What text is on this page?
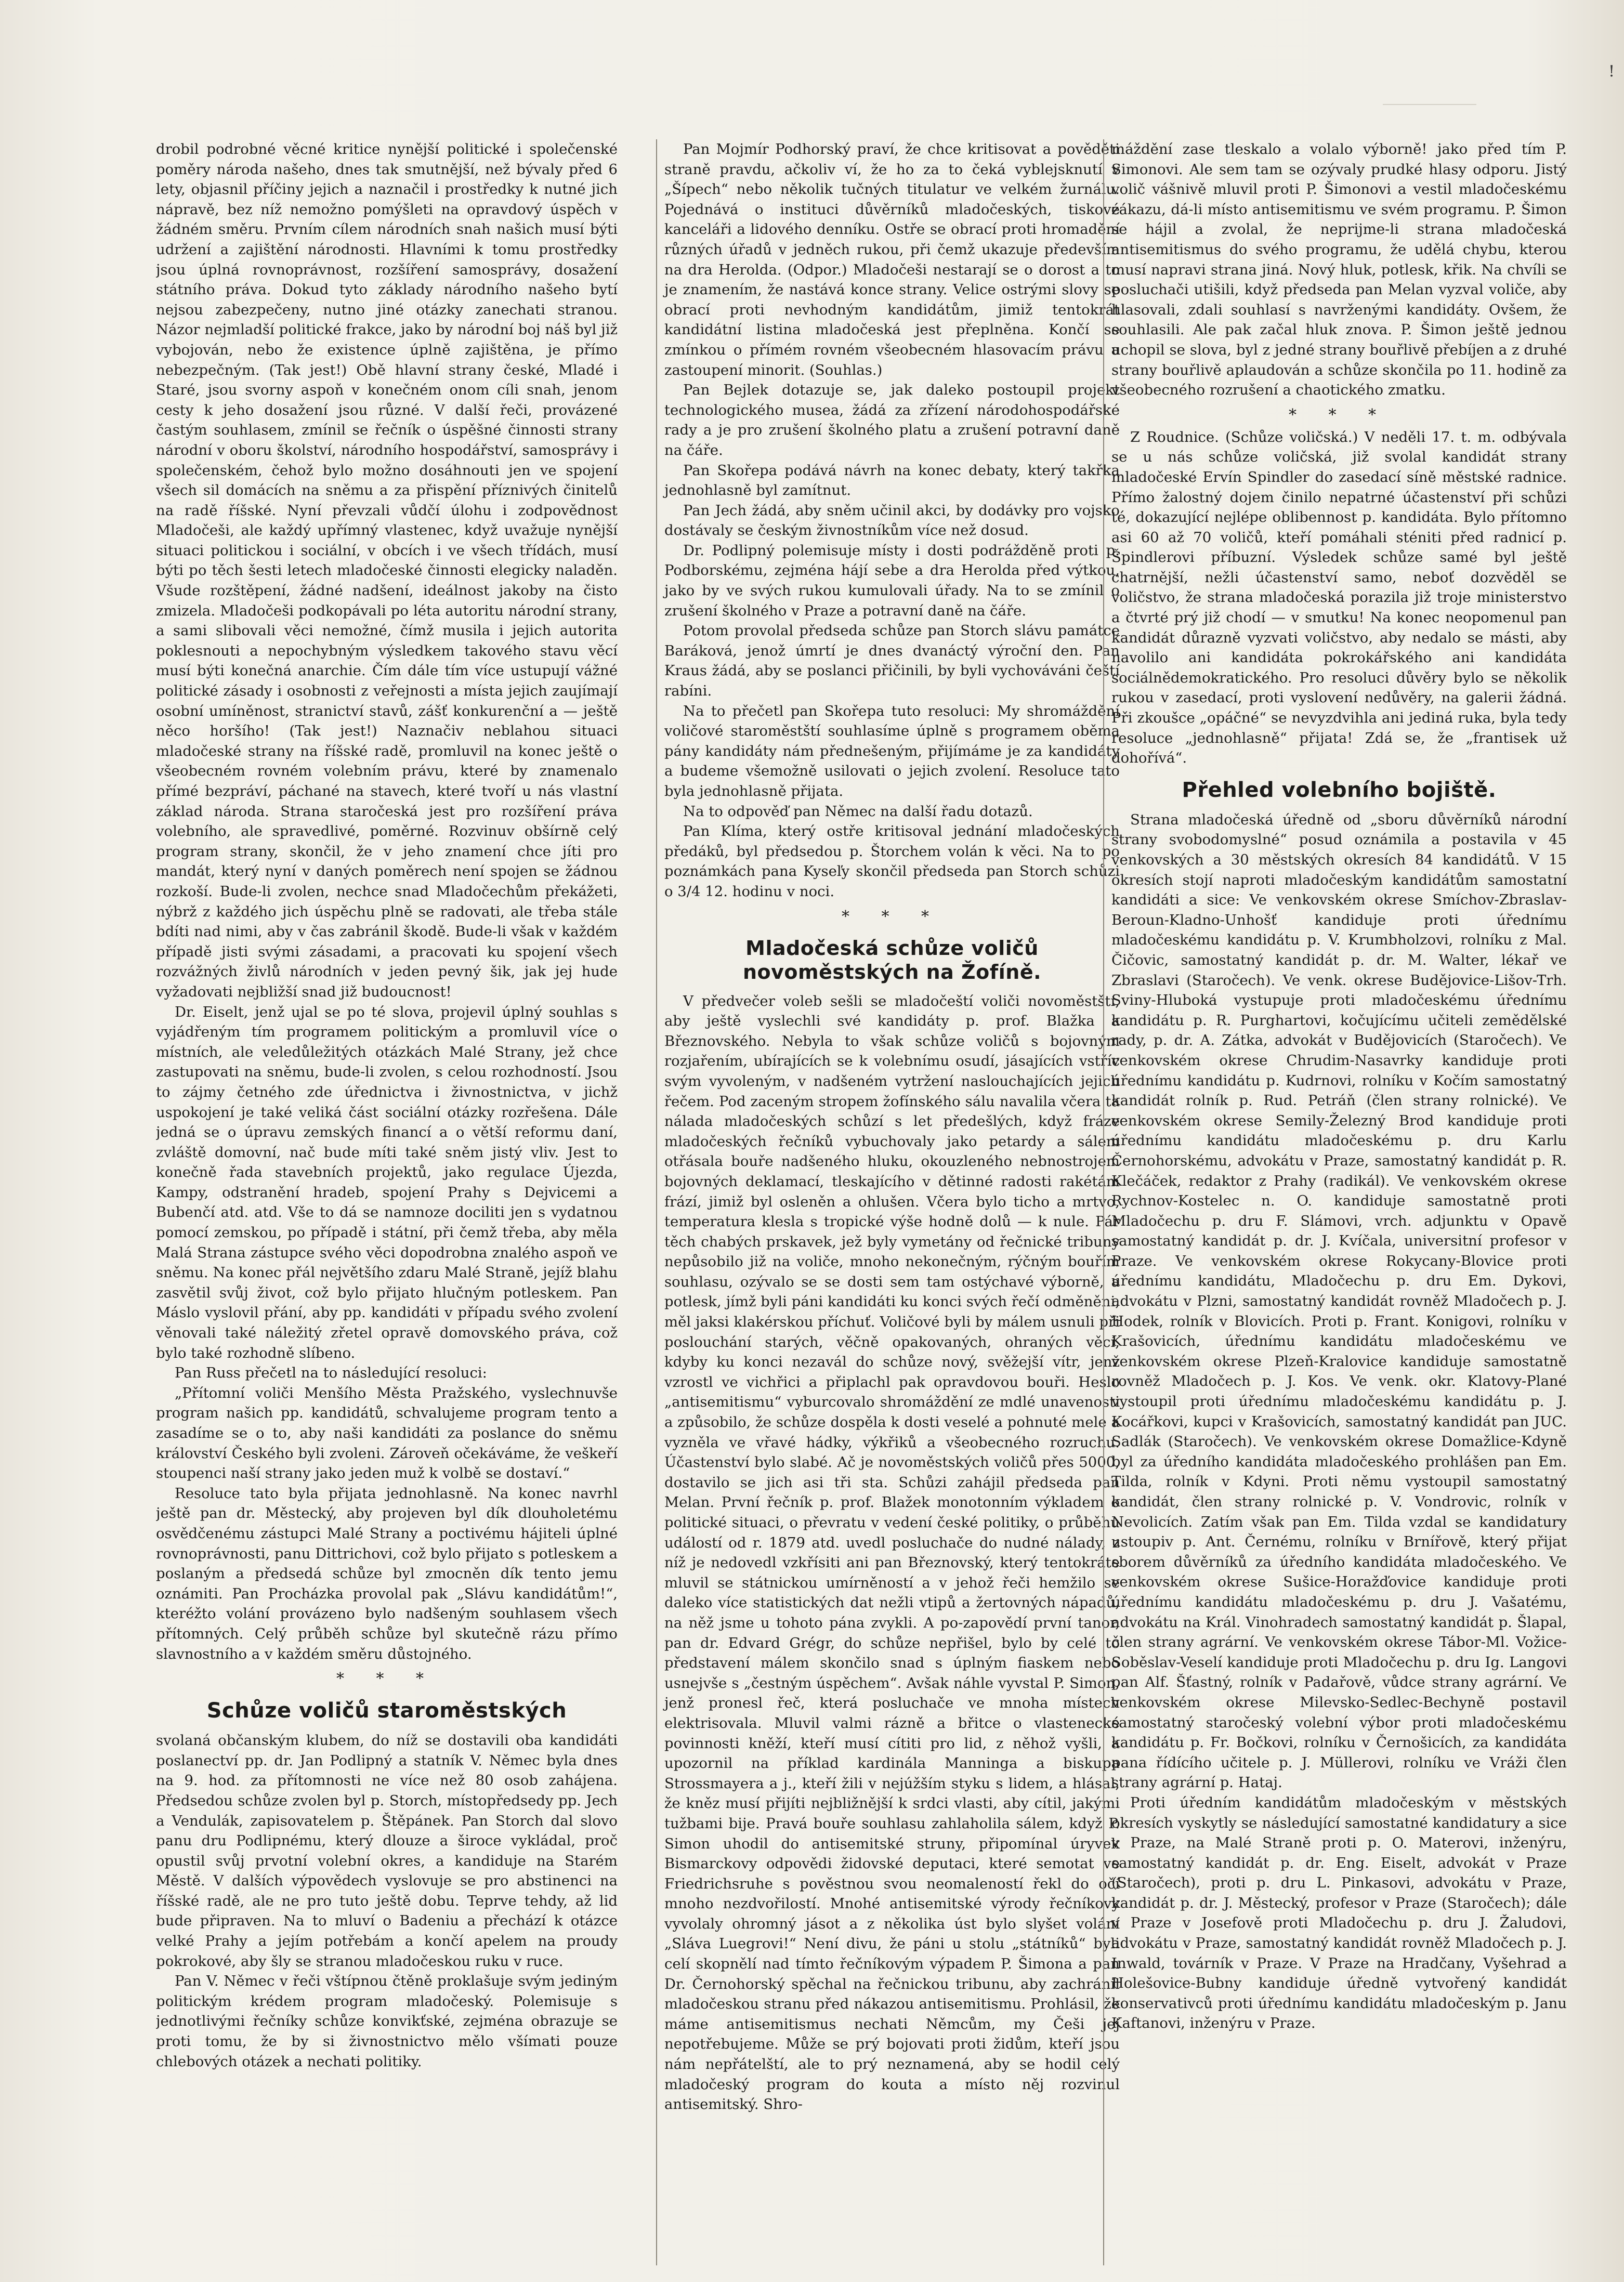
!

drobil podrobné věcné kritice nynější politické i společenské poměry národa našeho, dnes tak smutnější, než bývaly před 6 lety, objasnil příčiny jejich a naznačil i prostředky k nutné jich nápravě, bez níž nemožno pomýšleti na opravdový úspěch v žádném směru. Prvním cílem národních snah našich musí býti udržení a zajištění národnosti. Hlavními k tomu prostředky jsou úplná rovnoprávnost, rozšíření samosprávy, dosažení státního práva. Dokud tyto základy národního našeho bytí nejsou zabezpečeny, nutno jiné otázky zanechati stranou. Názor nejmladší politické frakce, jako by národní boj náš byl již vybojován, nebo že existence úplně zajištěna, je přímo nebezpečným. (Tak jest!) Obě hlavní strany české, Mladé i Staré, jsou svorny aspoň v konečném onom cíli snah, jenom cesty k jeho dosažení jsou různé. V další řeči, provázené častým souhlasem, zmínil se řečník o úspěšné činnosti strany národní v oboru školství, národního hospodářství, samosprávy i společenském, čehož bylo možno dosáhnouti jen ve spojení všech sil domácích na sněmu a za přispění příznivých činitelů na radě říšské. Nyní převzali vůdčí úlohu i zodpovědnost Mladočeši, ale každý upřímný vlastenec, když uvažuje nynější situaci politickou i sociální, v obcích i ve všech třídách, musí býti po těch šesti letech mladočeské činnosti elegicky naladěn. Všude rozštěpení, žádné nadšení, ideálnost jakoby na čisto zmizela. Mladočeši podkopávali po léta autoritu národní strany, a sami slibovali věci nemožné, čímž musila i jejich autorita poklesnouti a nepochybným výsledkem takového stavu věcí musí býti konečná anarchie. Čím dále tím více ustupují vážné politické zásady i osobnosti z veřejnosti a místa jejich zaujímají osobní umíněnost, stranictví stavů, zášť konkurenční a — ještě něco horšího! (Tak jest!) Naznačiv neblahou situaci mladočeské strany na říšské radě, promluvil na konec ještě o všeobecném rovném volebním právu, které by znamenalo přímé bezpráví, páchané na stavech, které tvoří u nás vlastní základ národa. Strana staročeská jest pro rozšíření práva volebního, ale spravedlivé, poměrné. Rozvinuv obšírně celý program strany, skončil, že v jeho znamení chce jíti pro mandát, který nyní v daných poměrech není spojen se žádnou rozkoší. Bude-li zvolen, nechce snad Mladočechům překážeti, nýbrž z každého jich úspěchu plně se radovati, ale třeba stále bdíti nad nimi, aby v čas zabránil škodě. Bude-li však v každém případě jisti svými zásadami, a pracovati ku spojení všech rozvážných živlů národních v jeden pevný šik, jak jej hude vyžadovati nejbližší snad již budoucnost!

Dr. Eiselt, jenž ujal se po té slova, projevil úplný souhlas s vyjádřeným tím programem politickým a promluvil více o místních, ale veledůležitých otázkách Malé Strany, jež chce zastupovati na sněmu, bude-li zvolen, s celou rozhodností. Jsou to zájmy četného zde úřednictva i živnostnictva, v jichž uspokojení je také veliká část sociální otázky rozřešena. Dále jedná se o úpravu zemských financí a o větší reformu daní, zvláště domovní, nač bude míti také sněm jistý vliv. Jest to konečně řada stavebních projektů, jako regulace Újezda, Kampy, odstranění hradeb, spojení Prahy s Dejvicemi a Bubenčí atd. atd. Vše to dá se namnoze dociliti jen s vydatnou pomocí zemskou, po případě i státní, při čemž třeba, aby měla Malá Strana zástupce svého věci dopodrobna znalého aspoň ve sněmu. Na konec přál největšího zdaru Malé Straně, jejíž blahu zasvětil svůj život, což bylo přijato hlučným potleskem. Pan Máslo vyslovil přání, aby pp. kandidáti v případu svého zvolení věnovali také náležitý zřetel opravě domovského práva, což bylo také rozhodně slíbeno.

Pan Russ přečetl na to následující resoluci:

„Přítomní voliči Menšího Města Pražského, vyslechnuvše program našich pp. kandidátů, schvalujeme program tento a zasadíme se o to, aby naši kandidáti za poslance do sněmu království Českého byli zvoleni. Zároveň očekáváme, že veškeří stoupenci naší strany jako jeden muž k volbě se dostaví.“

Resoluce tato byla přijata jednohlasně. Na konec navrhl ještě pan dr. Městecký, aby projeven byl dík dlouholetému osvědčenému zástupci Malé Strany a poctivému hájiteli úplné rovnoprávnosti, panu Dittrichovi, což bylo přijato s potleskem a poslaným a předsedá schůze byl zmocněn dík tento jemu oznámiti. Pan Procházka provolal pak „Slávu kandidátům!“, kteréžto volání provázeno bylo nadšeným souhlasem všech přítomných. Celý průběh schůze byl skutečně rázu přímo slavnostního a v každém směru důstojného.

* * *
Schůze voličů staroměstských

svolaná občanským klubem, do níž se dostavili oba kandidáti poslanectví pp. dr. Jan Podlipný a statník V. Němec byla dnes na 9. hod. za přítomnosti ne více než 80 osob zahájena. Předsedou schůze zvolen byl p. Storch, místopředsedy pp. Jech a Vendulák, zapisovatelem p. Štěpánek. Pan Storch dal slovo panu dru Podlipnému, který dlouze a široce vykládal, proč opustil svůj prvotní volební okres, a kandiduje na Starém Městě. V dalších výpovědech vyslovuje se pro abstinenci na říšské radě, ale ne pro tuto ještě dobu. Teprve tehdy, až lid bude připraven. Na to mluví o Badeniu a přechází k otázce velké Prahy a jejím potřebám a končí apelem na proudy pokrokové, aby šly se stranou mladočeskou ruku v ruce.

Pan V. Němec v řeči vštípnou čtěně proklašuje svým jediným politickým krédem program mladočeský. Polemisuje s jednotlivými řečníky schůze konvikťské, zejména obrazuje se proti tomu, že by si živnostnictvo mělo všímati pouze chlebových otázek a nechati politiky.

Pan Mojmír Podhorský praví, že chce kritisovat a pověděti straně pravdu, ačkoliv ví, že ho za to čeká vyblejsknutí v „Šípech“ nebo několik tučných titulatur ve velkém žurnálu. Pojednává o instituci důvěrníků mladočeských, tiskové kanceláři a lidového denníku. Ostře se obrací proti hromadění různých úřadů v jedněch rukou, při čemž ukazuje především na dra Herolda. (Odpor.) Mladočeši nestarají se o dorost a to je znamením, že nastává konce strany. Velice ostrými slovy se obrací proti nevhodným kandidátům, jimiž tentokrát kandidátní listina mladočeská jest přeplněna. Končí se zmínkou o přímém rovném všeobecném hlasovacím právu a zastoupení minorit. (Souhlas.)

Pan Bejlek dotazuje se, jak daleko postoupil projekt technologického musea, žádá za zřízení národohospodářské rady a je pro zrušení školného platu a zrušení potravní daně na čáře.

Pan Skořepa podává návrh na konec debaty, který takřka jednohlasně byl zamítnut.

Pan Jech žádá, aby sněm učinil akci, by dodávky pro vojsko dostávaly se českým živnostníkům více než dosud.

Dr. Podlipný polemisuje místy i dosti podrážděně proti p. Podborskému, zejména hájí sebe a dra Herolda před výtkou, jako by ve svých rukou kumulovali úřady. Na to se zmínil o zrušení školného v Praze a potravní daně na čáře.

Potom provolal předseda schůze pan Storch slávu památce Baráková, jenož úmrtí je dnes dvanáctý výroční den. Pan Kraus žádá, aby se poslanci přičinili, by byli vychováváni čeští rabíni.

Na to přečetl pan Skořepa tuto resoluci: My shromáždění voličové staroměstští souhlasíme úplně s programem oběma pány kandidáty nám přednešeným, přijímáme je za kandidáty a budeme všemožně usilovati o jejich zvolení. Resoluce tato byla jednohlasně přijata.

Na to odpověď pan Němec na další řadu dotazů.

Pan Klíma, který ostře kritisoval jednání mladočeských předáků, byl předsedou p. Štorchem volán k věci. Na to po poznámkách pana Kyseľy skončil předseda pan Storch schůzi o 3/4 12. hodinu v noci.

* * *
Mladočeská schůze voličů novoměstských na Žofíně.

V předvečer voleb sešli se mladočeští voliči novoměstští, aby ještě vyslechli své kandidáty p. prof. Blažka a Březnovského. Nebyla to však schůze voličů s bojovným rozjařením, ubírajících se k volebnímu osudí, jásajících vstříc svým vyvoleným, v nadšeném vytržení naslouchajících jejich řečem. Pod zaceným stropem žofínského sálu navalila včera ta nálada mladočeských schůzí s let předešlých, když fráze mladočeských řečníků vybuchovaly jako petardy a sálem otřásala bouře nadšeného hluku, okouzleného nebnostrojem bojovných deklamací, tleskajícího v dětinné radosti rakétám frází, jimiž byl osleněn a ohlušen. Včera bylo ticho a mrtvo, temperatura klesla s tropické výše hodně dolů — k nule. Pár těch chabých prskavek, jež byly vymetány od řečnické tribuny nepůsobilo již na voliče, mnoho nekonečným, rýčným bouřím souhlasu, ozývalo se se dosti sem tam ostýchavé výborně, a potlesk, jímž byli páni kandidáti ku konci svých řečí odměněni, měl jaksi klakérskou příchuť. Voličové byli by málem usnuli při poslouchání starých, věčně opakovaných, ohraných věcí, kdyby ku konci nezavál do schůze nový, svěžejší vítr, jenž vzrostl ve vichřici a připlachl pak opravdovou bouři. Heslo „antisemitismu“ vyburcovalo shromáždění ze mdlé unavenosti a způsobilo, že schůze dospěla k dosti veselé a pohnuté mele a vyzněla ve vřavé hádky, výkřiků a všeobecného rozruchu. Účastenství bylo slabé. Ač je novoměstských voličů přes 5000, dostavilo se jich asi tři sta. Schůzi zahájil předseda pan Melan. První řečník p. prof. Blažek monotonním výkladem o politické situaci, o převratu v vedení české politiky, o průběhu událostí od r. 1879 atd. uvedl posluchače do nudné nálady, z níž je nedovedl vzkřísiti ani pan Březnovský, který tentokráte mluvil se státnickou umírněností a v jehož řeči hemžilo se daleko více statistických dat nežli vtipů a žertovných nápadů, na něž jsme u tohoto pána zvykli. A po-zapovědí první tanor, pan dr. Edvard Grégr, do schůze nepřišel, bylo by celé to představení málem skončilo snad s úplným fiaskem nebo usnejvše s „čestným úspěchem“. Avšak náhle vyvstal P. Simon, jenž pronesl řeč, která posluchače ve mnoha místech elektrisovala. Mluvil valmi rázně a břitce o vlastenecké povinnosti kněží, kteří musí cítiti pro lid, z něhož vyšli, a upozornil na příklad kardinála Manninga a biskupa Strossmayera a j., kteří žili v nejúžším styku s lidem, a hlásal, že kněz musí přijíti nejbližnější k srdci vlasti, aby cítil, jakými tužbami bije. Pravá bouře souhlasu zahlaholila sálem, když P. Simon uhodil do antisemitské struny, připomínal úryvek Bismarckovy odpovědi židovské deputaci, které semotat ve Friedrichsruhe s pověstnou svou neomaleností řekl do očí mnoho nezdvořilostí. Mnohé antisemitské výrody řečníkovy vyvolaly ohromný jásot a z několika úst bylo slyšet volání „Sláva Luegrovi!“ Není divu, že páni u stolu „státníků“ byli celí skopnělí nad tímto řečníkovým výpadem P. Šimona a pan Dr. Černohorský spěchal na řečnickou tribunu, aby zachránil mladočeskou stranu před nákazou antisemitismu. Prohlásil, že máme antisemitismus nechati Němcům, my Češi jej nepotřebujeme. Může se prý bojovati proti židům, kteří jsou nám nepřátelští, ale to prý neznamená, aby se hodil celý mladočeský program do kouta a místo něj rozvinul antisemitský. Shro-

máždění zase tleskalo a volalo výborně! jako před tím P. Simonovi. Ale sem tam se ozývaly prudké hlasy odporu. Jistý volič vášnivě mluvil proti P. Šimonovi a vestil mladočeskému zákazu, dá-li místo antisemitismu ve svém programu. P. Šimon se hájil a zvolal, že neprijme-li strana mladočeská antisemitismus do svého programu, že udělá chybu, kterou musí napravi strana jiná. Nový hluk, potlesk, křik. Na chvíli se posluchači utišili, když předseda pan Melan vyzval voliče, aby hlasovali, zdali souhlasí s navrženými kandidáty. Ovšem, že souhlasili. Ale pak začal hluk znova. P. Šimon ještě jednou uchopil se slova, byl z jedné strany bouřlivě přebíjen a z druhé strany bouřlivě aplaudován a schůze skončila po 11. hodině za všeobecného rozrušení a chaotického zmatku.

* * *

Z Roudnice. (Schůze voličská.) V neděli 17. t. m. odbývala se u nás schůze voličská, již svolal kandidát strany mladočeské Ervín Spindler do zasedací síně městské radnice. Přímo žalostný dojem činilo nepatrné účastenství při schůzi té, dokazující nejlépe oblibennost p. kandidáta. Bylo přítomno asi 60 až 70 voličů, kteří pomáhali sténiti před radnicí p. Špindlerovi příbuzní. Výsledek schůze samé byl ještě chatrnější, nežli účastenství samo, neboť dozvěděl se voličstvo, že strana mladočeská porazila již troje ministerstvo a čtvrté prý již chodí — v smutku! Na konec neopomenul pan kandidát důrazně vyzvati voličstvo, aby nedalo se másti, aby navolilo ani kandidáta pokrokářského ani kandidáta sociálnědemokratického. Pro resoluci důvěry bylo se několik rukou v zasedací, proti vyslovení nedůvěry, na galerii žádná. Při zkoušce „opáčné“ se nevyzdvihla ani jediná ruka, byla tedy resoluce „jednohlasně“ přijata! Zdá se, že „frantisek už dohořívá“.

Přehled volebního bojiště.

Strana mladočeská úředně od „sboru důvěrníků národní strany svobodomyslné“ posud oznámila a postavila v 45 venkovských a 30 městských okresích 84 kandidátů. V 15 okresích stojí naproti mladočeským kandidátům samostatní kandidáti a sice: Ve venkovském okrese Smíchov-Zbraslav-Beroun-Kladno-Unhošť kandiduje proti úřednímu mladočeskému kandidátu p. V. Krumbholzovi, rolníku z Mal. Čičovic, samostatný kandidát p. dr. M. Walter, lékař ve Zbraslavi (Staročech). Ve venk. okrese Budějovice-Lišov-Trh. Sviny-Hluboká vystupuje proti mladočeskému úřednímu kandidátu p. R. Purghartovi, kočujícímu učiteli zemědělské rady, p. dr. A. Zátka, advokát v Budějovicích (Staročech). Ve venkovském okrese Chrudim-Nasavrky kandiduje proti úřednímu kandidátu p. Kudrnovi, rolníku v Kočím samostatný kandidát rolník p. Rud. Petráň (člen strany rolnické). Ve venkovském okrese Semily-Železný Brod kandiduje proti úřednímu kandidátu mladočeskému p. dru Karlu Černohorskému, advokátu v Praze, samostatný kandidát p. R. Klečáček, redaktor z Prahy (radikál). Ve venkovském okrese Rychnov-Kostelec n. O. kandiduje samostatně proti Mladočechu p. dru F. Slámovi, vrch. adjunktu v Opavě samostatný kandidát p. dr. J. Kvíčala, universitní profesor v Praze. Ve venkovském okrese Rokycany-Blovice proti úřednímu kandidátu, Mladočechu p. dru Em. Dykovi, advokátu v Plzni, samostatný kandidát rovněž Mladočech p. J. Hodek, rolník v Blovicích. Proti p. Frant. Konigovi, rolníku v Krašovicích, úřednímu kandidátu mladočeskému ve venkovském okrese Plzeň-Kralovice kandiduje samostatně rovněž Mladočech p. J. Kos. Ve venk. okr. Klatovy-Plané vystoupil proti úřednímu mladočeskému kandidátu p. J. Kocářkovi, kupci v Krašovicích, samostatný kandidát pan JUC. Sadlák (Staročech). Ve venkovském okrese Domažlice-Kdyně byl za úředního kandidáta mladočeského prohlášen pan Em. Tilda, rolník v Kdyni. Proti němu vystoupil samostatný kandidát, člen strany rolnické p. V. Vondrovic, rolník v Nevolicích. Zatím však pan Em. Tilda vzdal se kandidatury ustoupiv p. Ant. Černému, rolníku v Brnířově, který přijat sborem důvěrníků za úředního kandidáta mladočeského. Ve venkovském okrese Sušice-Horažďovice kandiduje proti úřednímu kandidátu mladočeskému p. dru J. Vašatému, advokátu na Král. Vinohradech samostatný kandidát p. Šlapal, člen strany agrární. Ve venkovském okrese Tábor-Ml. Vožice-Soběslav-Veselí kandiduje proti Mladočechu p. dru Ig. Langovi pan Alf. Šťastný, rolník v Padařově, vůdce strany agrární. Ve venkovském okrese Milevsko-Sedlec-Bechyně postavil samostatný staročeský volební výbor proti mladočeskému kandidátu p. Fr. Bočkovi, rolníku v Černošicích, za kandidáta pana řídícího učitele p. J. Müllerovi, rolníku ve Vráži člen strany agrární p. Hataj.

Proti úředním kandidátům mladočeským v městských okresích vyskytly se následující samostatné kandidatury a sice v Praze, na Malé Straně proti p. O. Materovi, inženýru, samostatný kandidát p. dr. Eng. Eiselt, advokát v Praze (Staročech), proti p. dru L. Pinkasovi, advokátu v Praze, kandidát p. dr. J. Městecký, profesor v Praze (Staročech); dále v Praze v Josefově proti Mladočechu p. dru J. Žaludovi, advokátu v Praze, samostatný kandidát rovněž Mladočech p. J. Inwald, továrník v Praze. V Praze na Hradčany, Vyšehrad a Holešovice-Bubny kandiduje úředně vytvořený kandidát konservativců proti úřednímu kandidátu mladočeským p. Janu Kaftanovi, inženýru v Praze.
